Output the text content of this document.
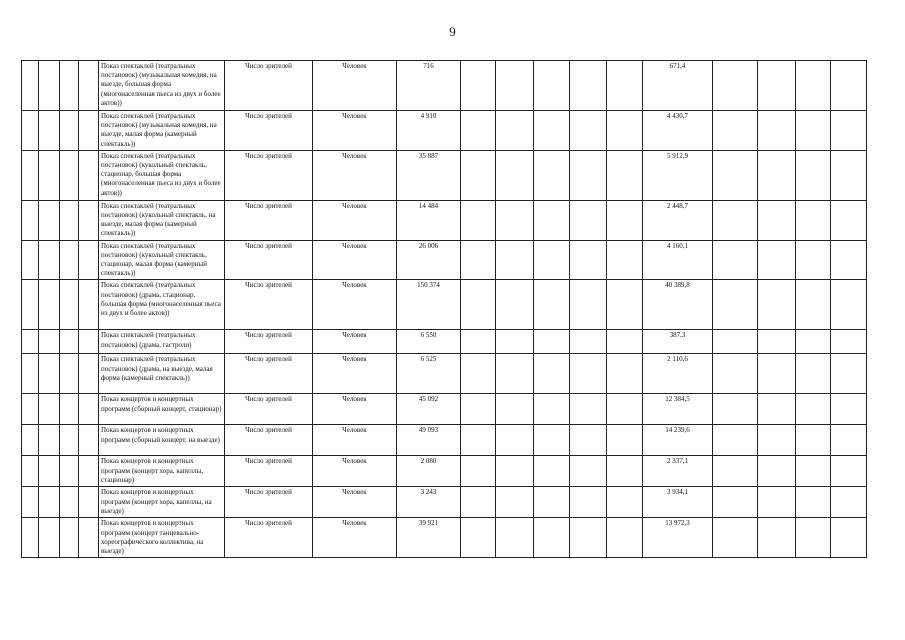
9
				Показ спектаклей (театральных постановок) (музыкальная комедия, на выезде, большая форма (многонаселенная пьеса из двух и более актов))	Число зрителей	Человек	716						671,4				
				Показ спектаклей (театральных постановок) (музыкальная комедия, на выезде, малая форма (камерный спектакль))	Число зрителей	Человек	4 910						4 430,7				
				Показ спектаклей (театральных постановок) (кукольный спектакль, стационар, большая форма (многонаселенная пьеса из двух и более актов))	Число зрителей	Человек	35 887						5 912,9				
				Показ спектаклей (театральных постановок) (кукольный спектакль, на выезде, малая форма (камерный спектакль))	Число зрителей	Человек	14 484						2 448,7				
				Показ спектаклей (театральных постановок) (кукольный спектакль, стационар, малая форма (камерный спектакль))	Число зрителей	Человек	26 006						4 160,1				
				Показ спектаклей (театральных постановок) (драма, стационар, большая форма (многонаселенная пьеса из двух и более актов))	Число зрителей	Человек	150 374						40 389,8				
				Показ спектаклей (театральных постановок) (драма, гастроли)	Число зрителей	Человек	6 550						387,3				
				Показ спектаклей (театральных постановок) (драма, на выезде, малая форма (камерный спектакль))	Число зрителей	Человек	6 525						2 110,6				
				Показ концертов и концертных программ (сборный концерт, стационар)	Число зрителей	Человек	45 092						12 384,5				
				Показ концертов и концертных программ (сборный концерт, на выезде)	Число зрителей	Человек	49 093						14 239,6				
				Показ концертов и концертных программ (концерт хора, капеллы, стационар)	Число зрителей	Человек	2 080						2 337,1				
				Показ концертов и концертных программ (концерт хора, капеллы, на выезде)	Число зрителей	Человек	3 243						3 934,1				
				Показ концертов и концертных программ (концерт танцевально-хореографического коллектива, на выезде)	Число зрителей	Человек	39 921						13 972,3				
